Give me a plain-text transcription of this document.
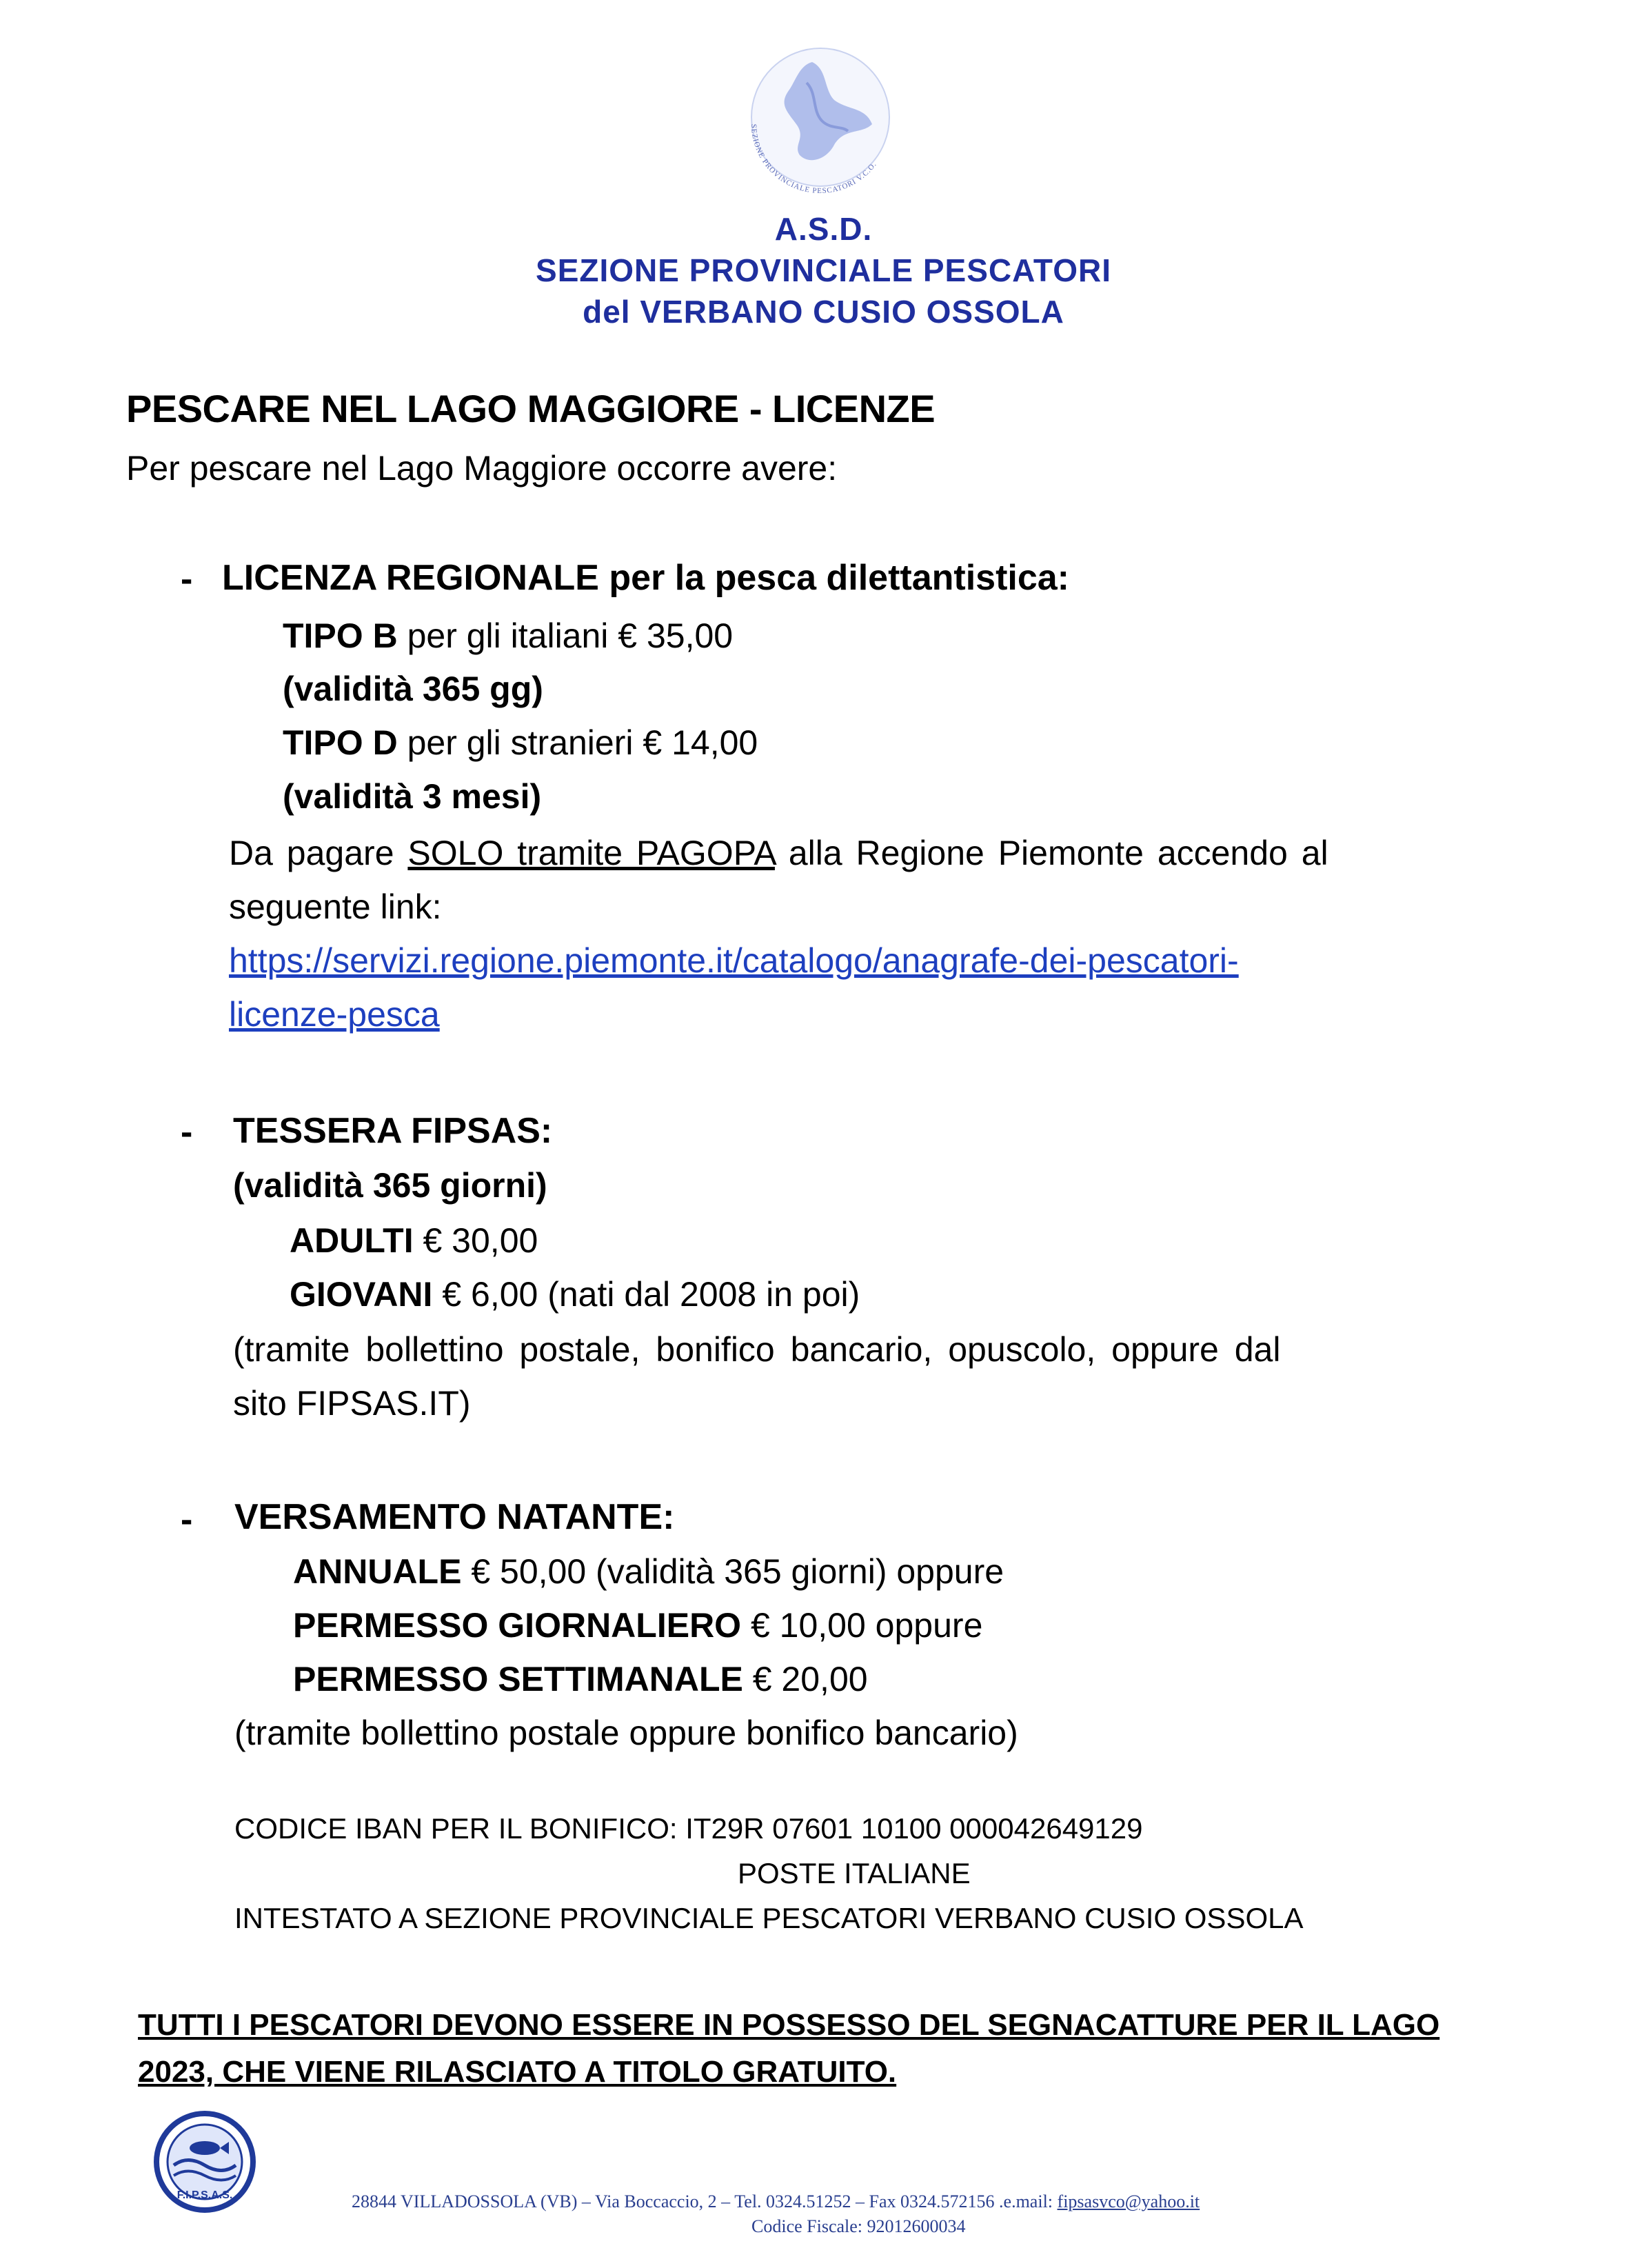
SEZIONE PROVINCIALE PESCATORI V.C.O.
A.S.D.
SEZIONE PROVINCIALE PESCATORI
del VERBANO CUSIO OSSOLA
PESCARE NEL LAGO MAGGIORE - LICENZE
Per pescare nel Lago Maggiore occorre avere:
- LICENZA REGIONALE per la pesca dilettantistica:
TIPO B per gli italiani € 35,00
(validità 365 gg)
TIPO D per gli stranieri € 14,00
(validità 3 mesi)
Da pagare SOLO tramite PAGOPA alla Regione Piemonte accendo al
seguente link:
https://servizi.regione.piemonte.it/catalogo/anagrafe-dei-pescatori-
licenze-pesca
- TESSERA FIPSAS:
(validità 365 giorni)
ADULTI € 30,00
GIOVANI € 6,00 (nati dal 2008 in poi)
(tramite bollettino postale, bonifico bancario, opuscolo, oppure dal
sito FIPSAS.IT)
- VERSAMENTO NATANTE:
ANNUALE € 50,00 (validità 365 giorni) oppure
PERMESSO GIORNALIERO € 10,00 oppure
PERMESSO SETTIMANALE € 20,00
(tramite bollettino postale oppure bonifico bancario)
CODICE IBAN PER IL BONIFICO: IT29R 07601 10100 000042649129
POSTE ITALIANE
INTESTATO A SEZIONE PROVINCIALE PESCATORI VERBANO CUSIO OSSOLA
TUTTI I PESCATORI DEVONO ESSERE IN POSSESSO DEL SEGNACATTURE PER IL LAGO
2023, CHE VIENE RILASCIATO A TITOLO GRATUITO.
F.I.P.S.A.S.	28844 VILLADOSSOLA (VB) – Via Boccaccio, 2 – Tel. 0324.51252 – Fax 0324.572156 .e.mail: fipsasvco@yahoo.it
Codice Fiscale: 92012600034
